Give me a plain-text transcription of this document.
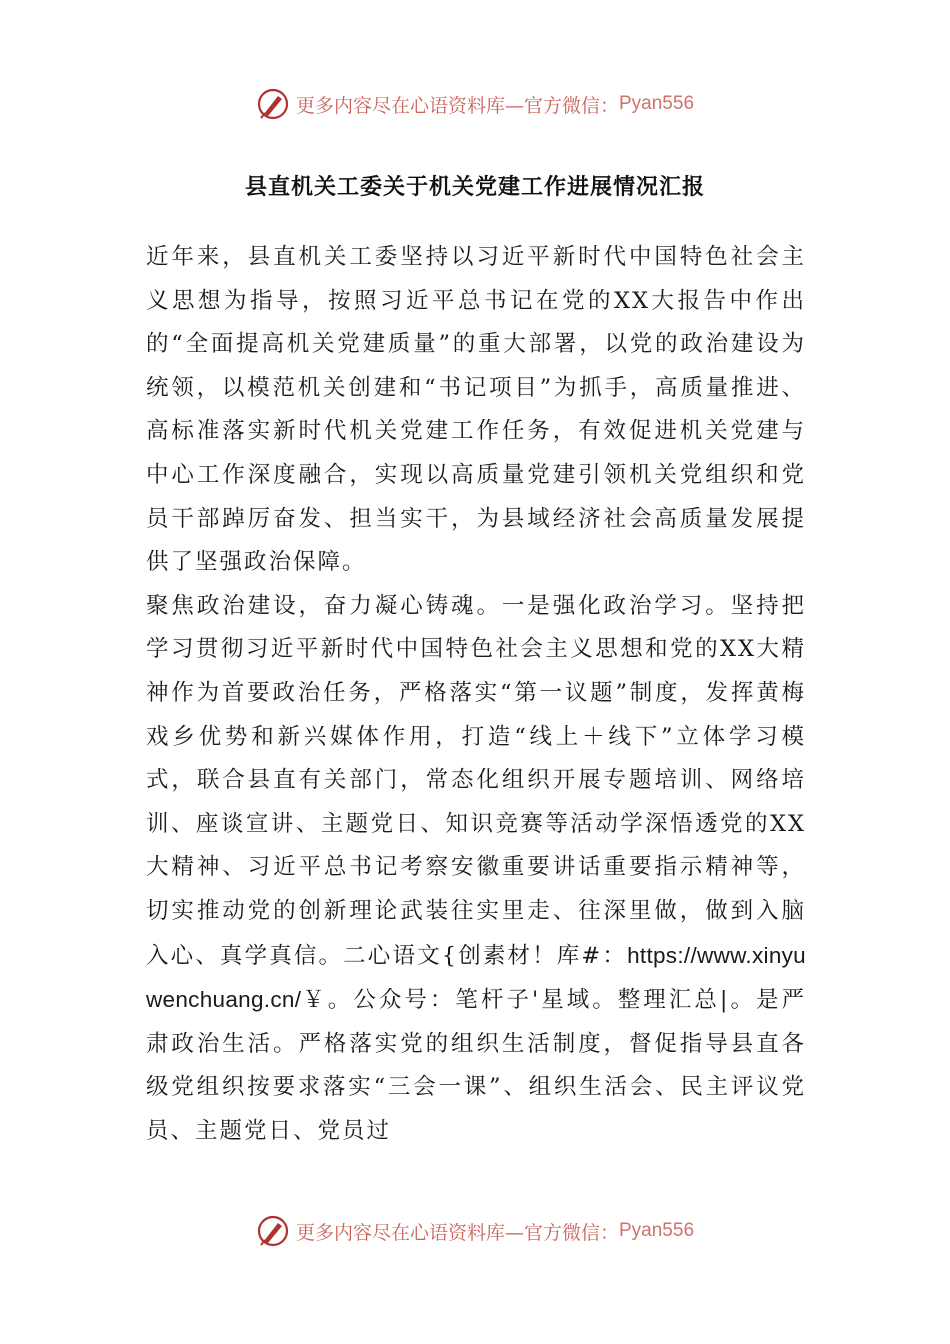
更多内容尽在心语资料库—官方微信： Pyan556
县直机关工委关于机关党建工作进展情况汇报

近年来，县直机关工委坚持以习近平新时代中国特色社会主义思想为指导，按照习近平总书记在党的XX大报告中作出的“全面提高机关党建质量”的重大部署，以党的政治建设为统领，以模范机关创建和“书记项目”为抓手，高质量推进、高标准落实新时代机关党建工作任务，有效促进机关党建与中心工作深度融合，实现以高质量党建引领机关党组织和党员干部踔厉奋发、担当实干，为县域经济社会高质量发展提供了坚强政治保障。

聚焦政治建设，奋力凝心铸魂。一是强化政治学习。坚持把学习贯彻习近平新时代中国特色社会主义思想和党的XX大精神作为首要政治任务，严格落实“第一议题”制度，发挥黄梅戏乡优势和新兴媒体作用，打造“线上＋线下”立体学习模式，联合县直有关部门，常态化组织开展专题培训、网络培训、座谈宣讲、主题党日、知识竞赛等活动学深悟透党的XX大精神、习近平总书记考察安徽重要讲话重要指示精神等，切实推动党的创新理论武装往实里走、往深里做，做到入脑入心、真学真信。二心语文{创素材！库#：https://www.xinyuwenchuang.cn/￥。公众号：笔杆子'星域。整理汇总|。是严肃政治生活。严格落实党的组织生活制度，督促指导县直各级党组织按要求落实“三会一课”、组织生活会、民主评议党员、主题党日、党员过

更多内容尽在心语资料库—官方微信： Pyan556
